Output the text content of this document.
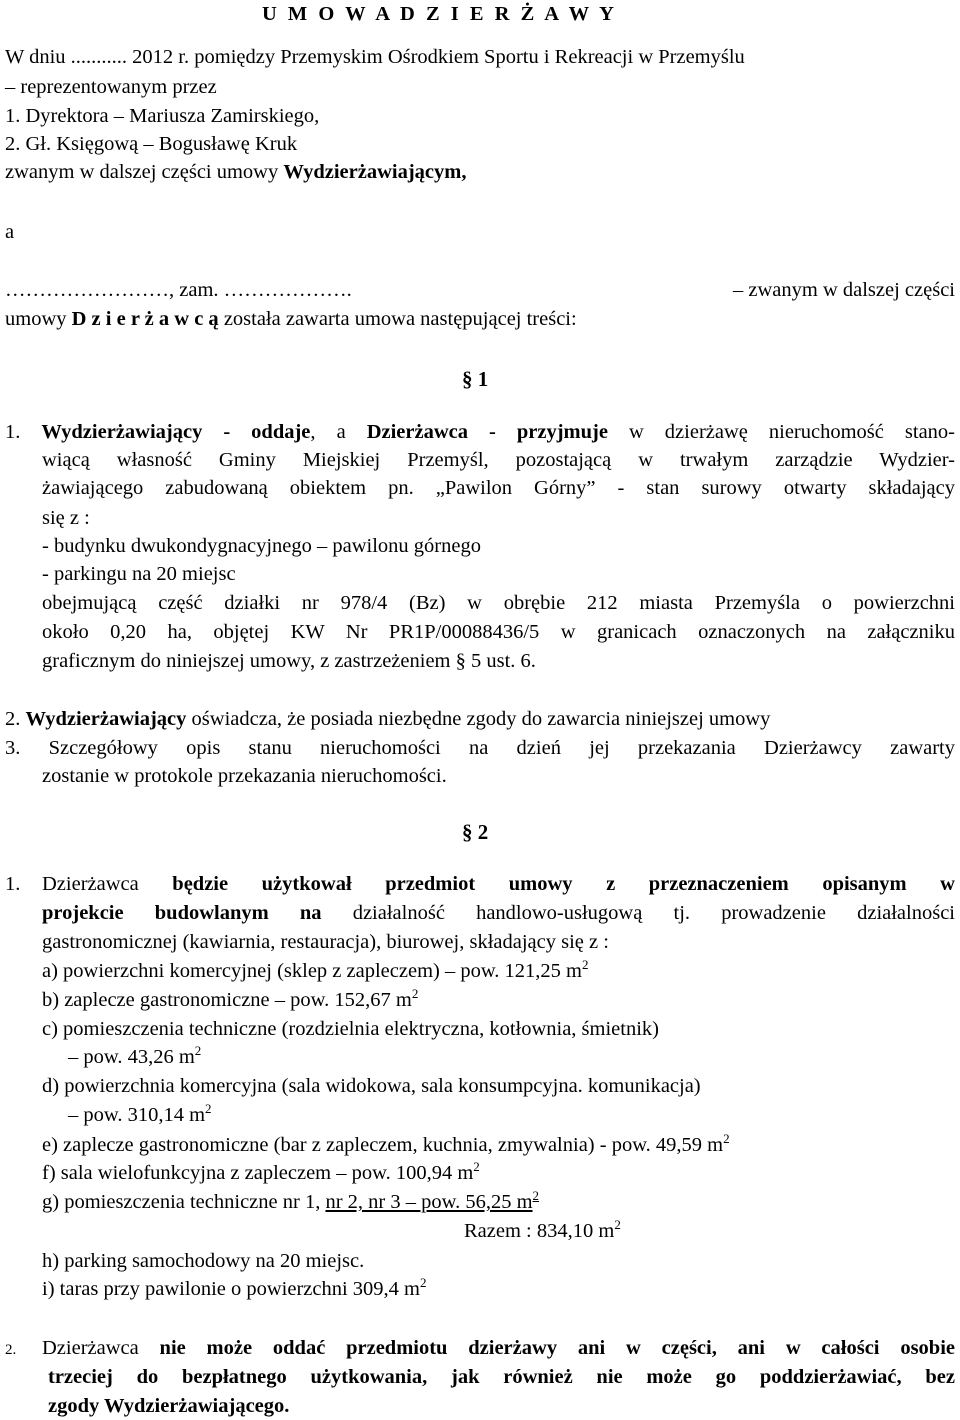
U M O W A D Z I E R Ż A W Y
W dniu ........... 2012 r. pomiędzy Przemyskim Ośrodkiem Sportu i Rekreacji w Przemyślu
– reprezentowanym przez
1. Dyrektora – Mariusza Zamirskiego,
2. Gł. Księgową – Bogusławę Kruk
zwanym w dalszej części umowy Wydzierżawiającym,
a
……………………, zam. ……………….	– zwanym w dalszej części
umowy D z i e r ż a w c ą została zawarta umowa następującej treści:
§ 1
1. Wydzierżawiający - oddaje, a Dzierżawca - przyjmuje w dzierżawę nieruchomość stano-
wiącą własność Gminy Miejskiej Przemyśl, pozostającą w trwałym zarządzie Wydzier-
żawiającego zabudowaną obiektem pn. „Pawilon Górny” - stan surowy otwarty składający
się z :
- budynku dwukondygnacyjnego – pawilonu górnego
- parkingu na 20 miejsc
obejmującą część działki nr 978/4 (Bz) w obrębie 212 miasta Przemyśla o powierzchni
około 0,20 ha, objętej KW Nr PR1P/00088436/5 w granicach oznaczonych na załączniku
graficznym do niniejszej umowy, z zastrzeżeniem § 5 ust. 6.
2. Wydzierżawiający oświadcza, że posiada niezbędne zgody do zawarcia niniejszej umowy
3. Szczegółowy opis stanu nieruchomości na dzień jej przekazania Dzierżawcy zawarty
zostanie w protokole przekazania nieruchomości.
§ 2
1. Dzierżawca będzie użytkował przedmiot umowy z przeznaczeniem opisanym w
projekcie budowlanym na działalność handlowo-usługową tj. prowadzenie działalności
gastronomicznej (kawiarnia, restauracja), biurowej, składający się z :
a) powierzchni komercyjnej (sklep z zapleczem) – pow. 121,25 $m^2$
b) zaplecze gastronomiczne – pow. 152,67 $m^2$
c) pomieszczenia techniczne (rozdzielnia elektryczna, kotłownia, śmietnik)
– pow. 43,26 $m^2$
d) powierzchnia komercyjna (sala widokowa, sala konsumpcyjna. komunikacja)
– pow. 310,14 $m^2$
e) zaplecze gastronomiczne (bar z zapleczem, kuchnia, zmywalnia) - pow. 49,59 $m^2$
f) sala wielofunkcyjna z zapleczem – pow. 100,94 $m^2$
g) pomieszczenia techniczne nr 1, nr 2, nr 3 – pow. 56,25 $m^2$
Razem : 834,10 $m^2$
h) parking samochodowy na 20 miejsc.
i) taras przy pawilonie o powierzchni 309,4 $m^2$
2. Dzierżawca nie może oddać przedmiotu dzierżawy ani w części, ani w całości osobie
trzeciej do bezpłatnego użytkowania, jak również nie może go poddzierżawiać, bez
zgody Wydzierżawiającego.
